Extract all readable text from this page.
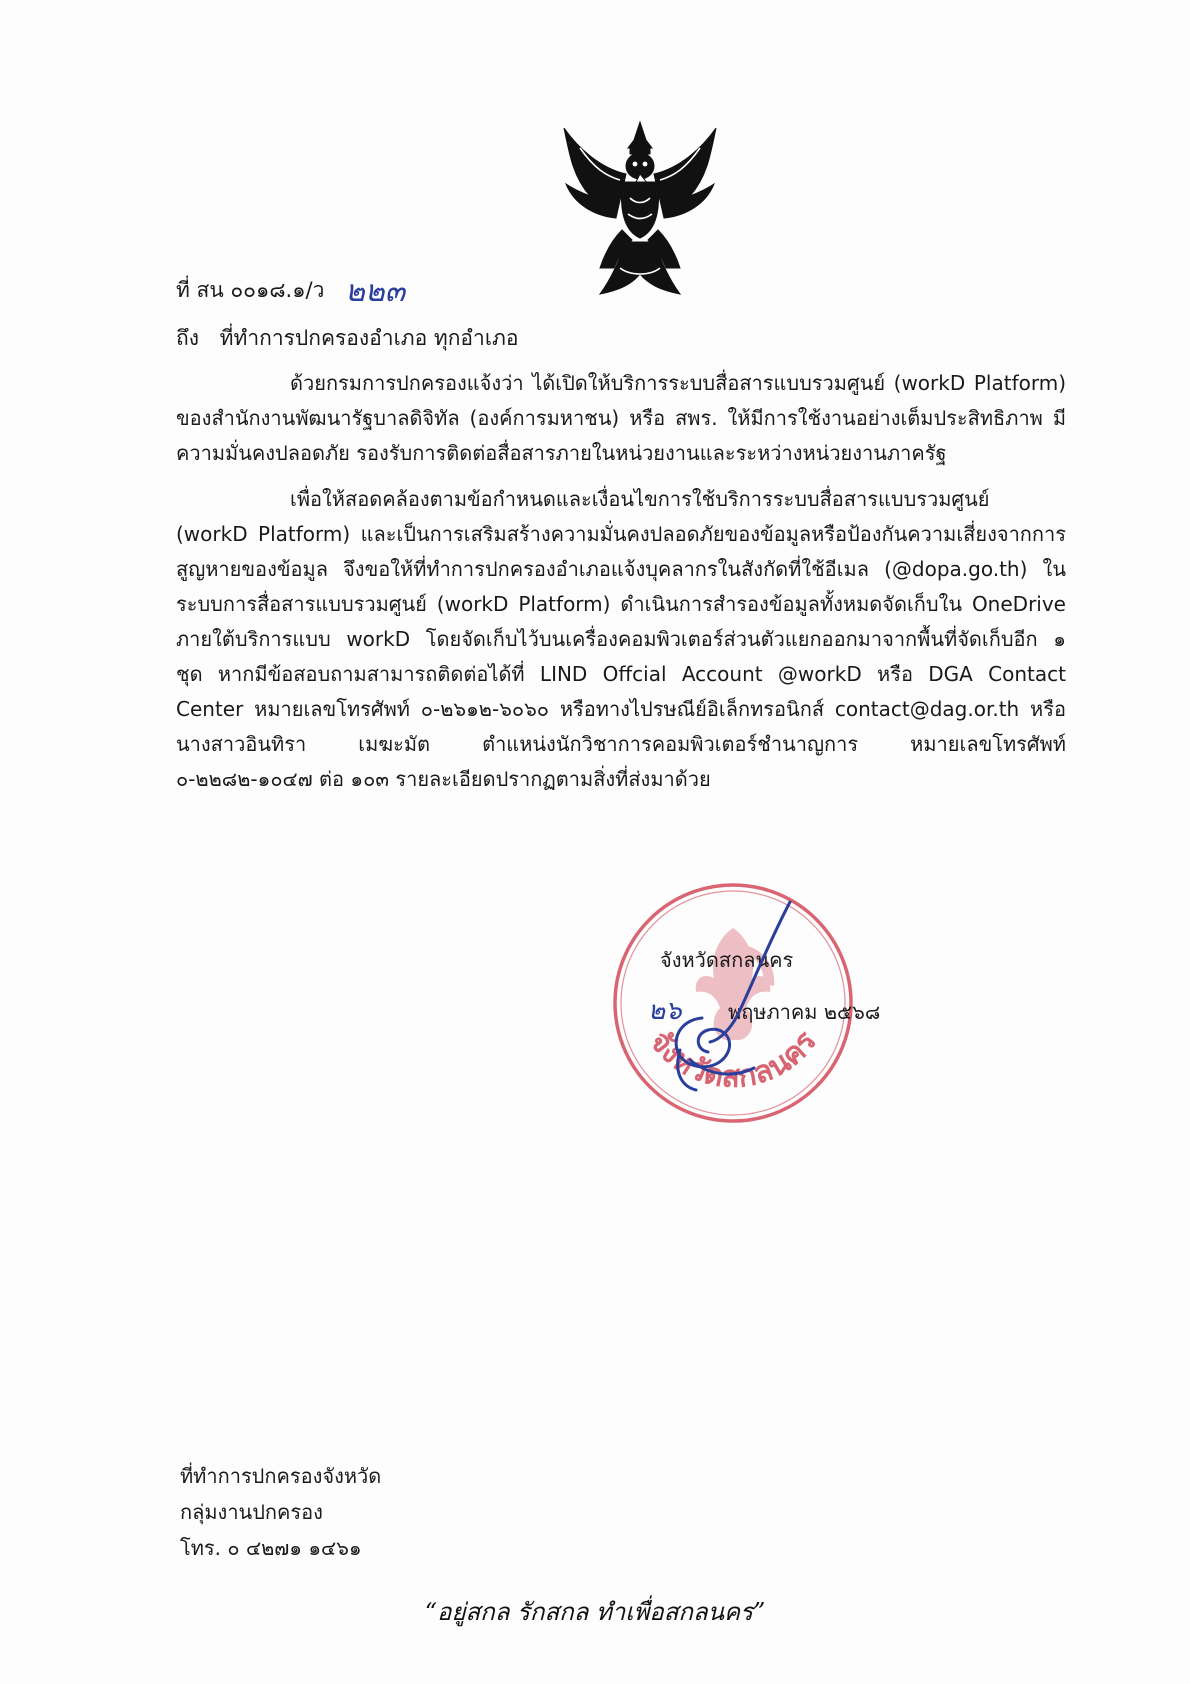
ที่ สน ๐๐๑๘.๑/ว ๒๒๓
ถึง ที่ทำการปกครองอำเภอ ทุกอำเภอ
ด้วยกรมการปกครองแจ้งว่า ได้เปิดให้บริการระบบสื่อสารแบบรวมศูนย์ (workD Platform) ของสำนักงานพัฒนารัฐบาลดิจิทัล (องค์การมหาชน) หรือ สพร. ให้มีการใช้งานอย่างเต็มประสิทธิภาพ มีความมั่นคงปลอดภัย รองรับการติดต่อสื่อสารภายในหน่วยงานและระหว่างหน่วยงานภาครัฐ
เพื่อให้สอดคล้องตามข้อกำหนดและเงื่อนไขการใช้บริการระบบสื่อสารแบบรวมศูนย์ (workD Platform) และเป็นการเสริมสร้างความมั่นคงปลอดภัยของข้อมูลหรือป้องกันความเสี่ยงจากการสูญหายของข้อมูล จึงขอให้ที่ทำการปกครองอำเภอแจ้งบุคลากรในสังกัดที่ใช้อีเมล (@dopa.go.th) ในระบบการสื่อสารแบบรวมศูนย์ (workD Platform) ดำเนินการสำรองข้อมูลทั้งหมดจัดเก็บใน OneDrive ภายใต้บริการแบบ workD โดยจัดเก็บไว้บนเครื่องคอมพิวเตอร์ส่วนตัวแยกออกมาจากพื้นที่จัดเก็บอีก ๑ ชุด หากมีข้อสอบถามสามารถติดต่อได้ที่ LIND Offcial Account @workD หรือ DGA Contact Center หมายเลขโทรศัพท์ ๐-๒๖๑๒-๖๐๖๐ หรือทางไปรษณีย์อิเล็กทรอนิกส์ contact@dag.or.th หรือนางสาวอินทิรา เมฆะมัต ตำแหน่งนักวิชาการคอมพิวเตอร์ชำนาญการ หมายเลขโทรศัพท์ ๐-๒๒๘๒-๑๐๔๗ ต่อ ๑๐๓ รายละเอียดปรากฏตามสิ่งที่ส่งมาด้วย
จังหวัดสกลนคร
จังหวัดสกลนคร
๒๖ พฤษภาคม ๒๕๖๘
ที่ทำการปกครองจังหวัด
กลุ่มงานปกครอง
โทร. ๐ ๔๒๗๑ ๑๔๖๑
“อยู่สกล รักสกล ทำเพื่อสกลนคร”
